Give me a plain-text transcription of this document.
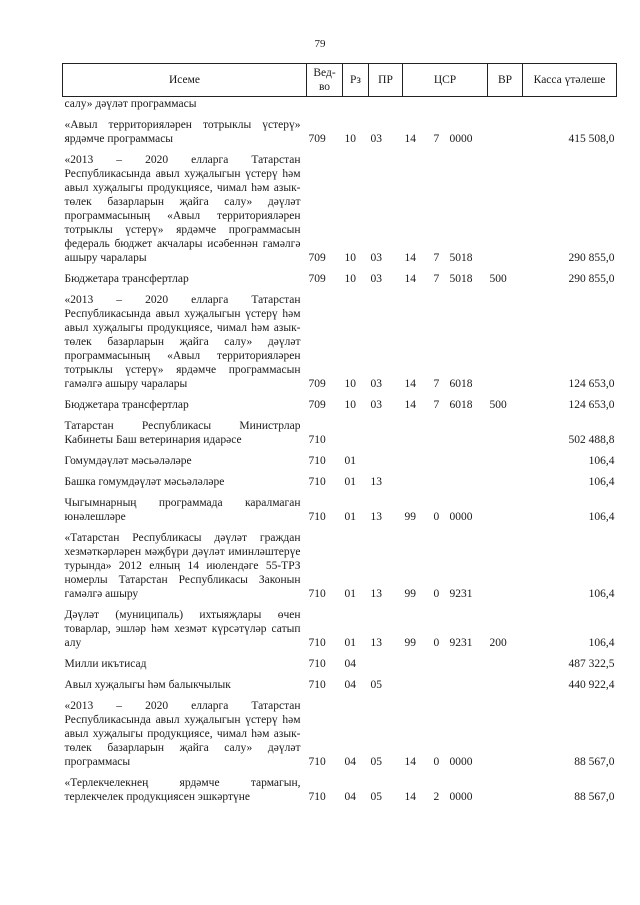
79
Исеме	Вед-во	Рз	ПР	ЦСР			ВР	Касса үтәлеше
салу» дәүләт программасы								
«Авыл территорияләрен тотрыклы үстерү» ярдәмче программасы	709	10	03	14	7	0000		415 508,0
«2013 – 2020 елларга Татарстан Республикасында авыл хуҗалыгын үстерү һәм авыл хуҗалыгы продукциясе, чимал һәм азык-төлек базарларын җайга салу» дәүләт программасының «Авыл территорияләрен тотрыклы үстерү» ярдәмче программасын федераль бюджет акчалары исәбеннән гамәлгә ашыру чаралары	709	10	03	14	7	5018		290 855,0
Бюджетара трансфертлар	709	10	03	14	7	5018	500	290 855,0
«2013 – 2020 елларга Татарстан Республикасында авыл хуҗалыгын үстерү һәм авыл хуҗалыгы продукциясе, чимал һәм азык-төлек базарларын җайга салу» дәүләт программасының «Авыл территорияләрен тотрыклы үстерү» ярдәмче программасын гамәлгә ашыру чаралары	709	10	03	14	7	6018		124 653,0
Бюджетара трансфертлар	709	10	03	14	7	6018	500	124 653,0
Татарстан Республикасы Министрлар Кабинеты Баш ветеринария идарәсе	710							502 488,8
Гомумдәүләт мәсьәләләре	710	01						106,4
Башка гомумдәүләт мәсьәләләре	710	01	13					106,4
Чыгымнарның программада каралмаган юнәлешләре	710	01	13	99	0	0000		106,4
«Татарстан Республикасы дәүләт граждан хезмәткәрләрен мәҗбүри дәүләт иминләштерүе турында» 2012 елның 14 июлендәге 55-ТРЗ номерлы Татарстан Республикасы Законын гамәлгә ашыру	710	01	13	99	0	9231		106,4
Дәүләт (муниципаль) ихтыяҗлары өчен товарлар, эшләр һәм хезмәт күрсәтүләр сатып алу	710	01	13	99	0	9231	200	106,4
Милли икътисад	710	04						487 322,5
Авыл хуҗалыгы һәм балыкчылык	710	04	05					440 922,4
«2013 – 2020 елларга Татарстан Республикасында авыл хуҗалыгын үстерү һәм авыл хуҗалыгы продукциясе, чимал һәм азык-төлек базарларын җайга салу» дәүләт программасы	710	04	05	14	0	0000		88 567,0
«Терлекчелекнең ярдәмче тармагын, терлекчелек продукциясен эшкәртүне	710	04	05	14	2	0000		88 567,0
